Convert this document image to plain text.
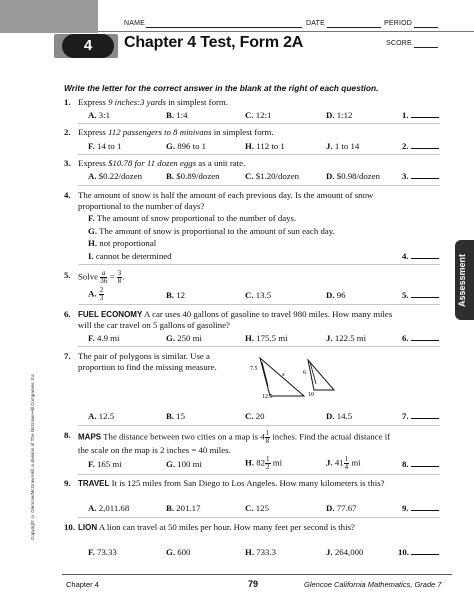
NAME	DATE	PERIOD
4	Chapter 4 Test, Form 2A	SCORE
Write the letter for the correct answer in the blank at the right of each question.
1. Express 9 inches:3 yards in simplest form.
A. 3:1	B. 1:4	C. 12:1	D. 1:12	1.
2. Express 112 passengers to 8 minivans in simplest form.
F. 14 to 1	G. 896 to 1	H. 112 to 1	J. 1 to 14	2.
3. Express $10.78 for 11 dozen eggs as a unit rate.
A. $0.22/dozen	B. $0.89/dozen	C. $1.20/dozen	D. $0.98/dozen 3.
4. The amount of snow is half the amount of each previous day. Is the amount of snow proportional to the number of days?
F. The amount of snow proportional to the number of days.
G. The amount of snow is proportional to the amount of sun each day.
H. not proportional
I. cannot be determined	4.
5. Solve $\frac{a}{36} = \frac{3}{8}$ .
A. $\frac{2}{3}$	B. 12	C. 13.5	D. 96	5.
6. FUEL ECONOMY A car uses 40 gallons of gasoline to travel 980 miles. How many miles will the car travel on 5 gallons of gasoline?
F. 4.9 mi	G. 250 mi	H. 175.5 mi	J. 122.5 mi	6.
7. The pair of polygons is similar. Use a proportion to find the missing measure.	7.5
x
12.5
6
10
A. 12.5	B. 15	C. 20	D. 14.5	7.
8. MAPS The distance between two cities on a map is $4 \frac{1}{8}$ inches. Find the actual distance if the scale on the map is 2 inches = 40 miles.
F. 165 mi	G. 100 mi	H. $82 \frac{1}{2}$ mi	J. $41 \frac{1}{4}$ mi	8.
9. TRAVEL It is 125 miles from San Diego to Los Angeles. How many kilometers is this?
A. 2,011.68	B. 201.17	C. 125	D. 77.67	9.
10. LION A lion can travel at 50 miles per hour. How many feet per second is this?
F. 73.33	G. 600	H. 733.3	J. 264,000	10.
Assessment
Copyright © Glencoe/McGraw-Hill, a division of The McGraw-Hill Companies, Inc.
Chapter 4	79	Glencoe California Mathematics, Grade 7
